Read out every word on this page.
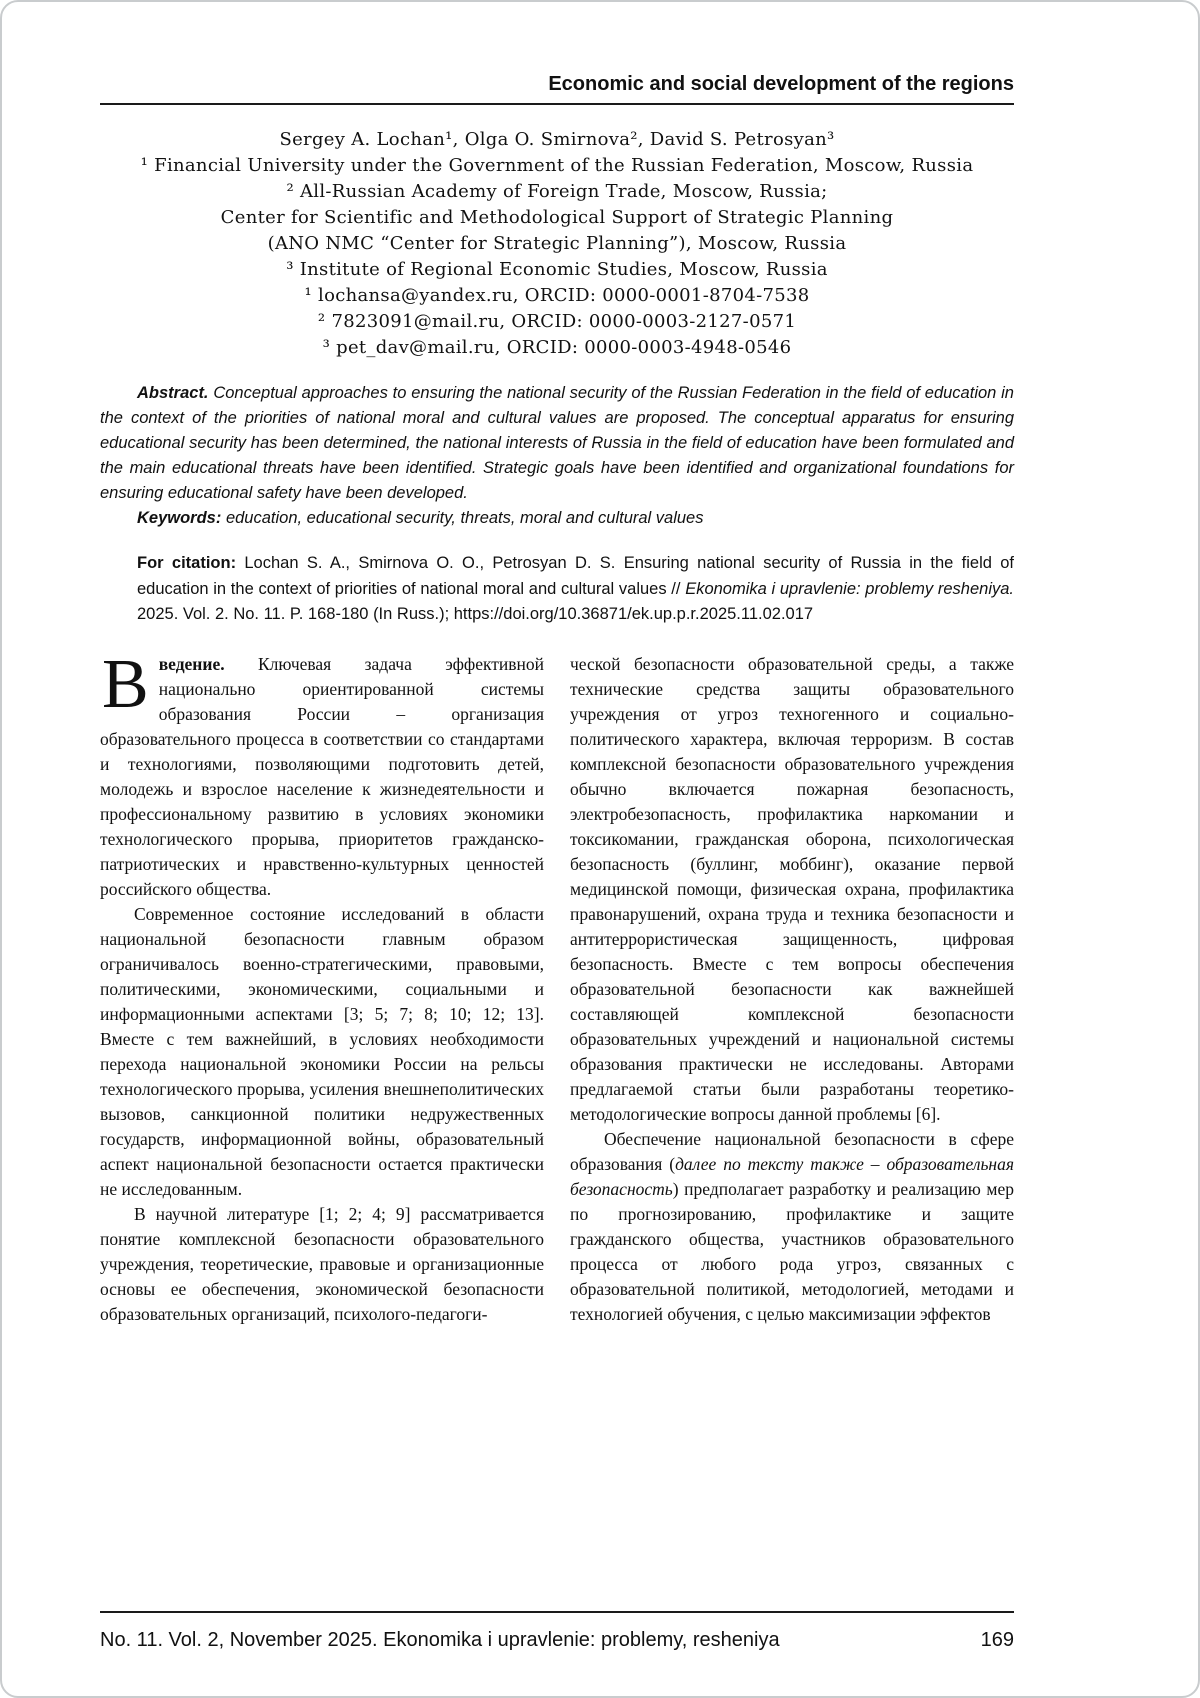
Economic and social development of the regions
Sergey A. Lochan¹, Olga O. Smirnova², David S. Petrosyan³
¹ Financial University under the Government of the Russian Federation, Moscow, Russia
² All-Russian Academy of Foreign Trade, Moscow, Russia;
Center for Scientific and Methodological Support of Strategic Planning
(ANO NMC “Center for Strategic Planning”), Moscow, Russia
³ Institute of Regional Economic Studies, Moscow, Russia
¹ lochansa@yandex.ru, ORCID: 0000-0001-8704-7538
² 7823091@mail.ru, ORCID: 0000-0003-2127-0571
³ pet_dav@mail.ru, ORCID: 0000-0003-4948-0546

Abstract. Conceptual approaches to ensuring the national security of the Russian Federation in the field of education in the context of the priorities of national moral and cultural values are proposed. The conceptual apparatus for ensuring educational security has been determined, the national interests of Russia in the field of education have been formulated and the main educational threats have been identified. Strategic goals have been identified and organizational foundations for ensuring educational safety have been developed.

Keywords: education, educational security, threats, moral and cultural values

For citation: Lochan S. A., Smirnova O. O., Petrosyan D. S. Ensuring national security of Russia in the field of education in the context of priorities of national moral and cultural values // Ekonomika i upravlenie: problemy resheniya. 2025. Vol. 2. No. 11. P. 168-180 (In Russ.); https://doi.org/10.36871/ek.up.p.r.2025.11.02.017

Введение. Ключевая задача эффективной национально ориентированной системы образования России – организация образовательного процесса в соответствии со стандартами и технологиями, позволяющими подготовить детей, молодежь и взрослое население к жизнедеятельности и профессиональному развитию в условиях экономики технологического прорыва, приоритетов гражданско-патриотических и нравственно-культурных ценностей российского общества.

Современное состояние исследований в области национальной безопасности главным образом ограничивалось военно-стратегическими, правовыми, политическими, экономическими, социальными и информационными аспектами [3; 5; 7; 8; 10; 12; 13]. Вместе с тем важнейший, в условиях необходимости перехода национальной экономики России на рельсы технологического прорыва, усиления внешнеполитических вызовов, санкционной политики недружественных государств, информационной войны, образовательный аспект национальной безопасности остается практически не исследованным.

В научной литературе [1; 2; 4; 9] рассматривается понятие комплексной безопасности образовательного учреждения, теоретические, правовые и организационные основы ее обеспечения, экономической безопасности образовательных организаций, психолого-педагоги-

ческой безопасности образовательной среды, а также технические средства защиты образовательного учреждения от угроз техногенного и социально-политического характера, включая терроризм. В состав комплексной безопасности образовательного учреждения обычно включается пожарная безопасность, электробезопасность, профилактика наркомании и токсикомании, гражданская оборона, психологическая безопасность (буллинг, моббинг), оказание первой медицинской помощи, физическая охрана, профилактика правонарушений, охрана труда и техника безопасности и антитеррористическая защищенность, цифровая безопасность. Вместе с тем вопросы обеспечения образовательной безопасности как важнейшей составляющей комплексной безопасности образовательных учреждений и национальной системы образования практически не исследованы. Авторами предлагаемой статьи были разработаны теоретико-методологические вопросы данной проблемы [6].

Обеспечение национальной безопасности в сфере образования (далее по тексту также – образовательная безопасность) предполагает разработку и реализацию мер по прогнозированию, профилактике и защите гражданского общества, участников образовательного процесса от любого рода угроз, связанных с образовательной политикой, методологией, методами и технологией обучения, с целью максимизации эффектов

No. 11. Vol. 2, November 2025. Ekonomika i upravlenie: problemy, resheniya	169
